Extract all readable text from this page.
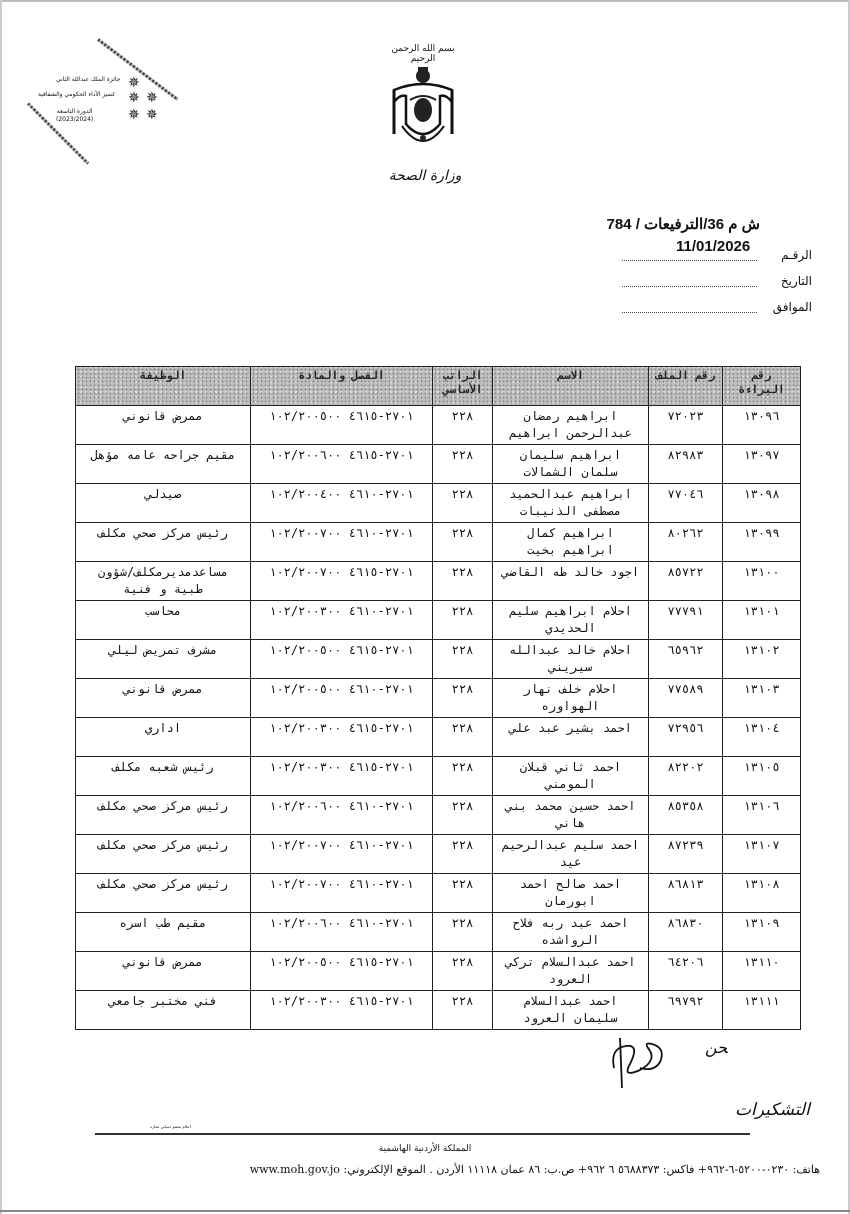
✵
✵ ✵
✵ ✵
جائزة الملك عبدالله الثاني
لتميز الأداء الحكومي والشفافية
الدورة التاسعة
(2023/2024)
بسم الله الرحمن الرحيم
وزارة الصحة
ش م 36/الترفيعات / 784
11/01/2026	الرقـم
التاريخ
الموافق
رقم البراءة	رقم الملف	الاسم	الراتب الأساسي	الفصل والمادة	الوظيفة
١٣٠٩٦	٧٢٠٢٣	ابراهيم رمضان عبدالرحمن ابراهيم	٢٢٨	٢٧٠١-٤٦١٥ ١٠٢/٢٠٠٥٠٠	ممرض قانوني
١٣٠٩٧	٨٢٩٨٣	ابراهيم سليمان سلمان الشمالات	٢٢٨	٢٧٠١-٤٦١٥ ١٠٢/٢٠٠٦٠٠	مقيم جراحه عامه مؤهل
١٣٠٩٨	٧٧٠٤٦	ابراهيم عبدالحميد مصطفى الذنيبات	٢٢٨	٢٧٠١-٤٦١٠ ١٠٢/٢٠٠٤٠٠	صيدلي
١٣٠٩٩	٨٠٢٦٢	ابراهيم كمال ابراهيم بخيت	٢٢٨	٢٧٠١-٤٦١٠ ١٠٢/٢٠٠٧٠٠	رئيس مركز صحي مكلف
١٣١٠٠	٨٥٧٢٢	اجود خالد طه القاضي	٢٢٨	٢٧٠١-٤٦١٥ ١٠٢/٢٠٠٧٠٠	مساعدمديرمكلف/شؤون طبية و فنية
١٣١٠١	٧٧٧٩١	احلام ابراهيم سليم الحديدي	٢٢٨	٢٧٠١-٤٦١٠ ١٠٢/٢٠٠٣٠٠	محاسب
١٣١٠٢	٦٥٩٦٢	احلام خالد عبدالله سيريني	٢٢٨	٢٧٠١-٤٦١٥ ١٠٢/٢٠٠٥٠٠	مشرف تمريض ليلي
١٣١٠٣	٧٧٥٨٩	احلام خلف نهار الهواوره	٢٢٨	٢٧٠١-٤٦١٠ ١٠٢/٢٠٠٥٠٠	ممرض قانوني
١٣١٠٤	٧٢٩٥٦	احمد بشير عبد علي	٢٢٨	٢٧٠١-٤٦١٥ ١٠٢/٢٠٠٣٠٠	اداري
١٣١٠٥	٨٢٢٠٢	احمد ثاني قبلان المومني	٢٢٨	٢٧٠١-٤٦١٥ ١٠٢/٢٠٠٣٠٠	رئيس شعبه مكلف
١٣١٠٦	٨٥٣٥٨	احمد حسين محمد بني هاني	٢٢٨	٢٧٠١-٤٦١٠ ١٠٢/٢٠٠٦٠٠	رئيس مركز صحي مكلف
١٣١٠٧	٨٧٢٣٩	احمد سليم عبدالرحيم عيد	٢٢٨	٢٧٠١-٤٦١٠ ١٠٢/٢٠٠٧٠٠	رئيس مركز صحي مكلف
١٣١٠٨	٨٦٨١٣	احمد صالح احمد ابورمان	٢٢٨	٢٧٠١-٤٦١٠ ١٠٢/٢٠٠٧٠٠	رئيس مركز صحي مكلف
١٣١٠٩	٨٦٨٣٠	احمد عبد ربه فلاح الرواشده	٢٢٨	٢٧٠١-٤٦١٠ ١٠٢/٢٠٠٦٠٠	مقيم طب اسره
١٣١١٠	٦٤٢٠٦	احمد عبدالسلام تركي العرود	٢٢٨	٢٧٠١-٤٦١٥ ١٠٢/٢٠٠٥٠٠	ممرض قانوني
١٣١١١	٦٩٧٩٢	احمد عبدالسلام سليمان العرود	٢٢٨	٢٧٠١-٤٦١٥ ١٠٢/٢٠٠٣٠٠	فني مختبر جامعي
ﺤﻦ
التشكيرات
اعلام معمو دسابي معاره
المملكة الأردنية الهاشمية
هاتف: ٠٢٣٠-٥٢٠٠-٦-٩٦٢+ فاكس: ٥٦٨٨٣٧٣ ٦ ٩٦٢+ ص.ب: ٨٦ عمان ١١١١٨ الأردن . الموقع الإلكتروني: www.moh.gov.jo
